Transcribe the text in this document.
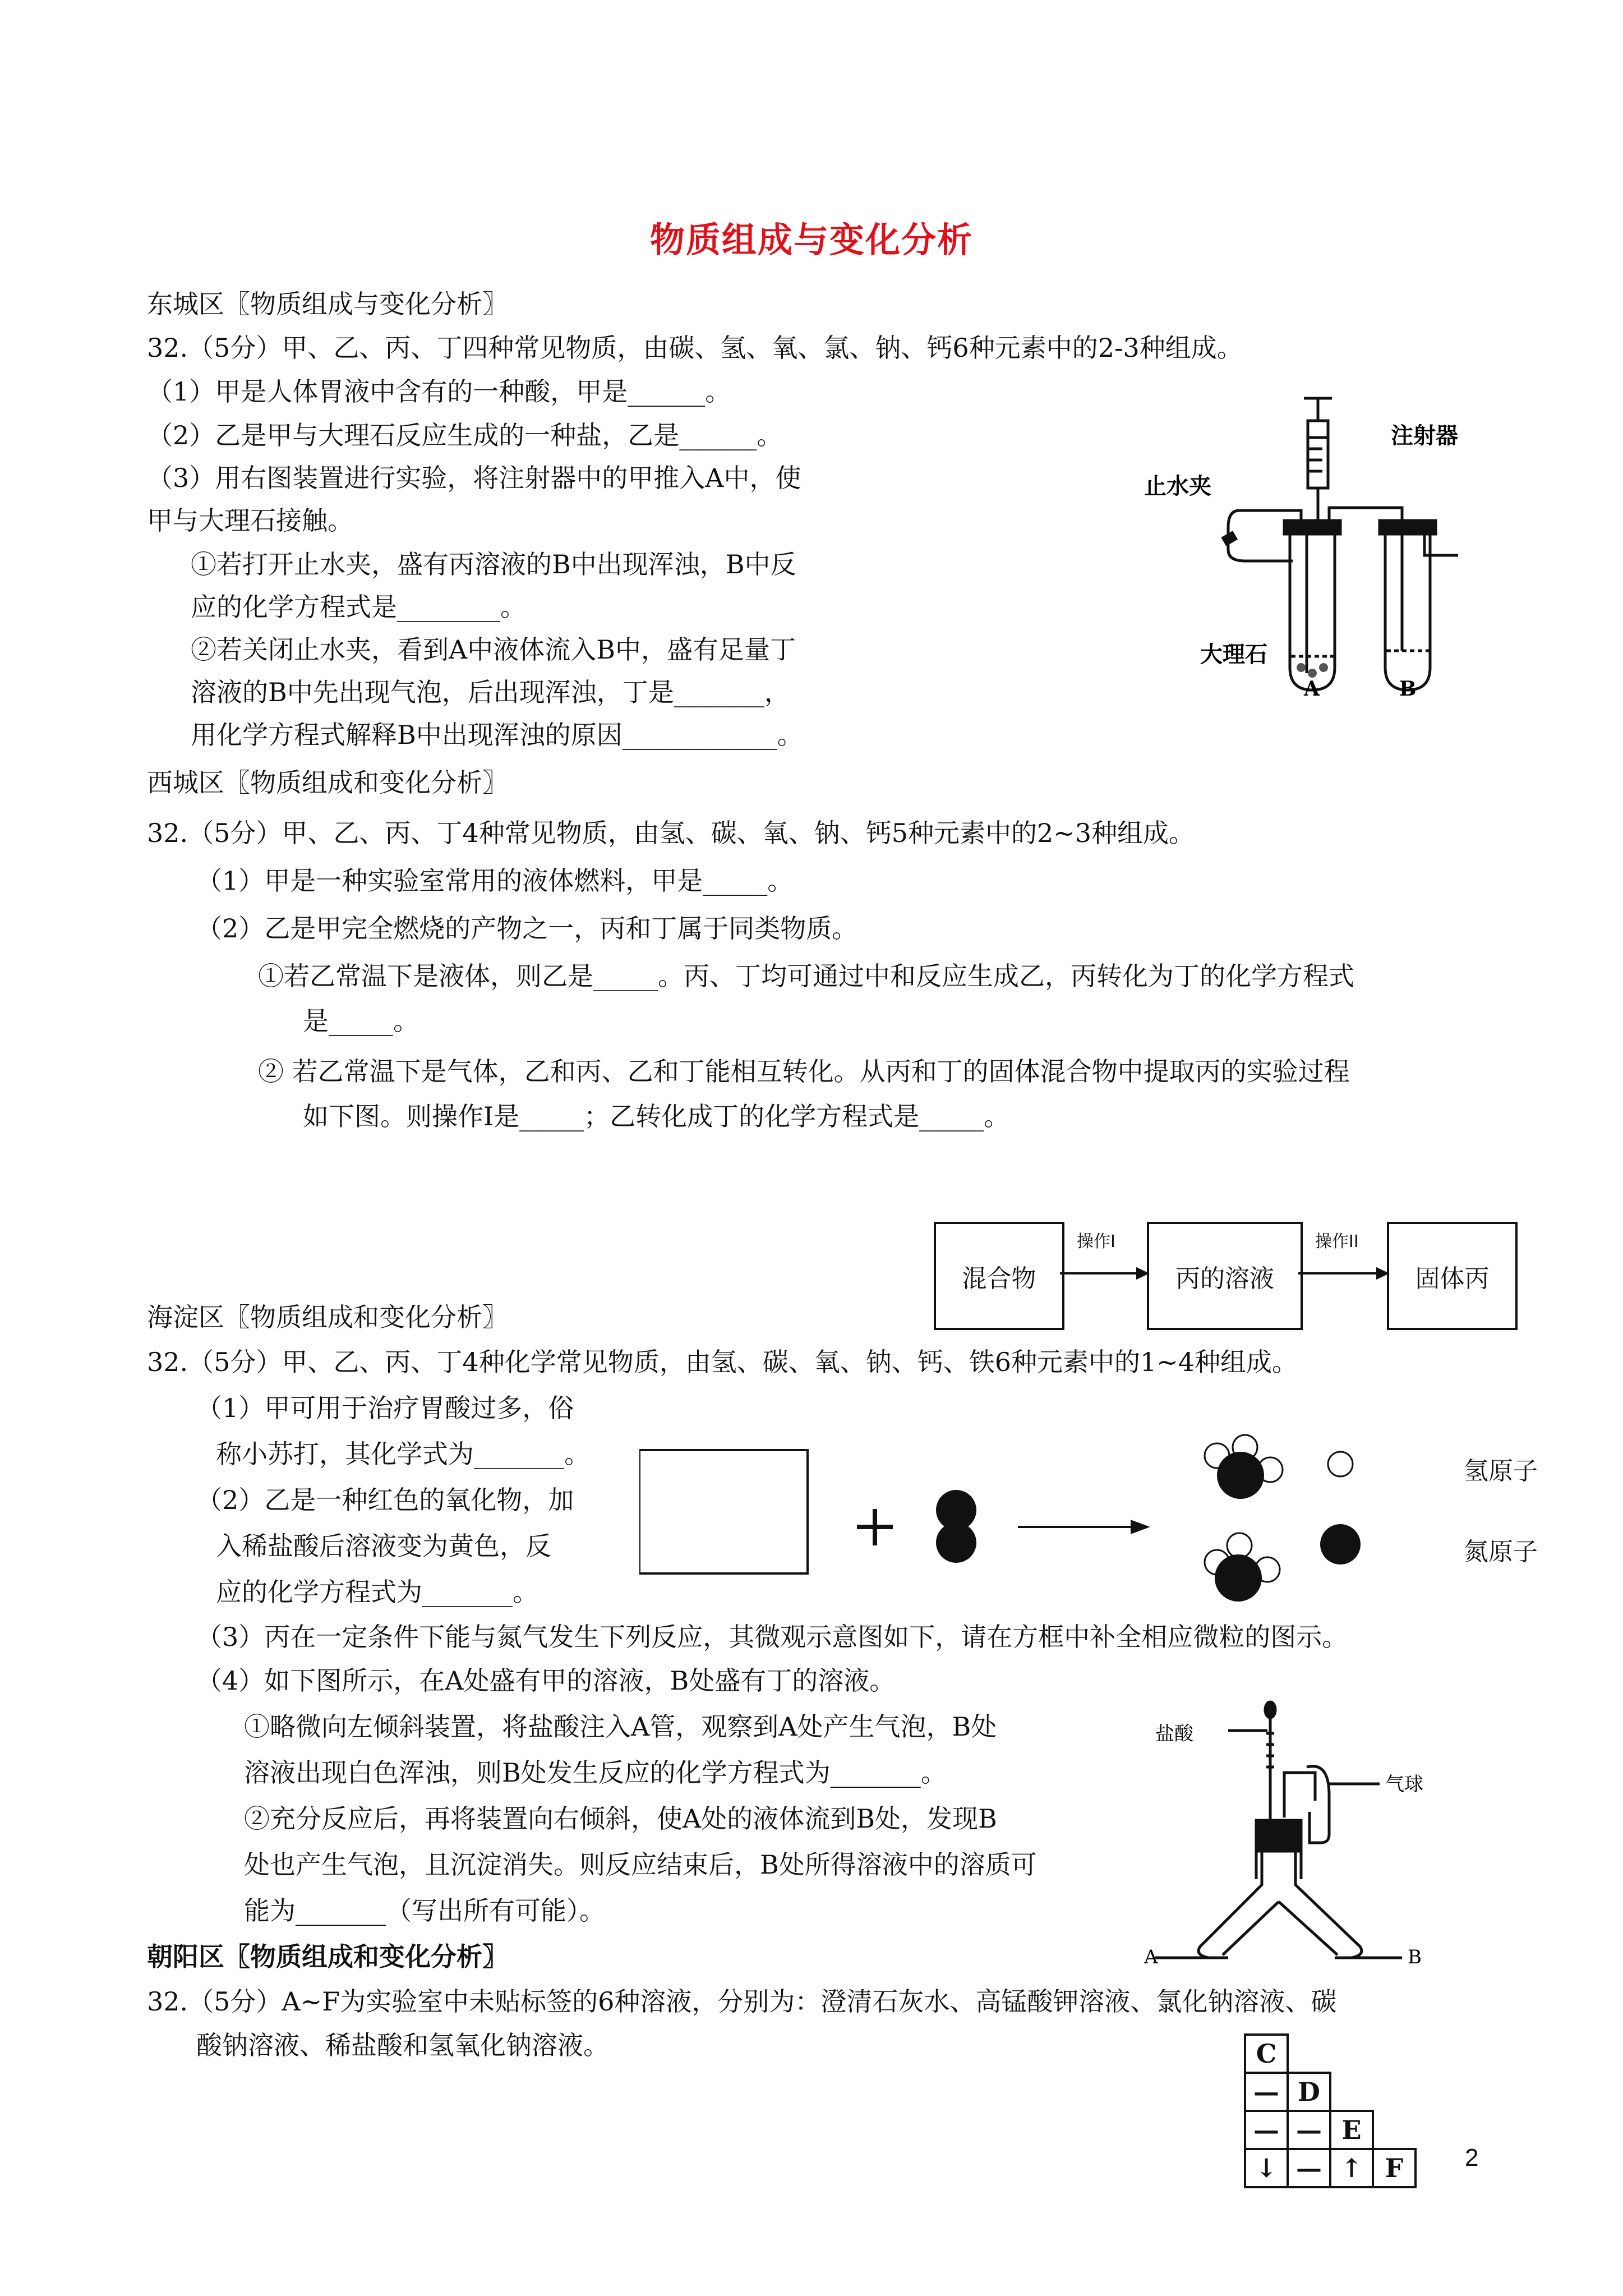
物质组成与变化分析
东城区〖物质组成与变化分析〗
32.（5分）甲、乙、丙、丁四种常见物质，由碳、氢、氧、氯、钠、钙6种元素中的2-3种组成。
（1）甲是人体胃液中含有的一种酸，甲是______。
（2）乙是甲与大理石反应生成的一种盐，乙是______。
（3）用右图装置进行实验，将注射器中的甲推入A中，使
甲与大理石接触。
①若打开止水夹，盛有丙溶液的B中出现浑浊，B中反
应的化学方程式是________。
②若关闭止水夹，看到A中液体流入B中，盛有足量丁
溶液的B中先出现气泡，后出现浑浊，丁是_______，
用化学方程式解释B中出现浑浊的原因____________。
注射器
止水夹
大理石
A	B
西城区〖物质组成和变化分析〗
32.（5分）甲、乙、丙、丁4种常见物质，由氢、碳、氧、钠、钙5种元素中的2~3种组成。
（1）甲是一种实验室常用的液体燃料，甲是_____。
（2）乙是甲完全燃烧的产物之一，丙和丁属于同类物质。
①若乙常温下是液体，则乙是_____。丙、丁均可通过中和反应生成乙，丙转化为丁的化学方程式
是_____。
② 若乙常温下是气体，乙和丙、乙和丁能相互转化。从丙和丁的固体混合物中提取丙的实验过程
如下图。则操作Ⅰ是_____；乙转化成丁的化学方程式是_____。
混合物	丙的溶液	固体丙
操作I	操作II
海淀区〖物质组成和变化分析〗
32.（5分）甲、乙、丙、丁4种化学常见物质，由氢、碳、氧、钠、钙、铁6种元素中的1~4种组成。
（1）甲可用于治疗胃酸过多，俗
称小苏打，其化学式为_______。
（2）乙是一种红色的氧化物，加
入稀盐酸后溶液变为黄色，反
应的化学方程式为_______。
（3）丙在一定条件下能与氮气发生下列反应，其微观示意图如下，请在方框中补全相应微粒的图示。
（4）如下图所示，在A处盛有甲的溶液，B处盛有丁的溶液。
①略微向左倾斜装置，将盐酸注入A管，观察到A处产生气泡，B处
溶液出现白色浑浊，则B处发生反应的化学方程式为_______。
②充分反应后，再将装置向右倾斜，使A处的液体流到B处，发现B
处也产生气泡，且沉淀消失。则反应结束后，B处所得溶液中的溶质可
能为_______（写出所有可能）。
氢原子
氮原子
盐酸
气球
A	B
朝阳区〖物质组成和变化分析〗
32.（5分）A~F为实验室中未贴标签的6种溶液，分别为：澄清石灰水、高锰酸钾溶液、氯化钠溶液、碳
酸钠溶液、稀盐酸和氢氧化钠溶液。	C
— D
— — E
↓ — ↑ F	2
